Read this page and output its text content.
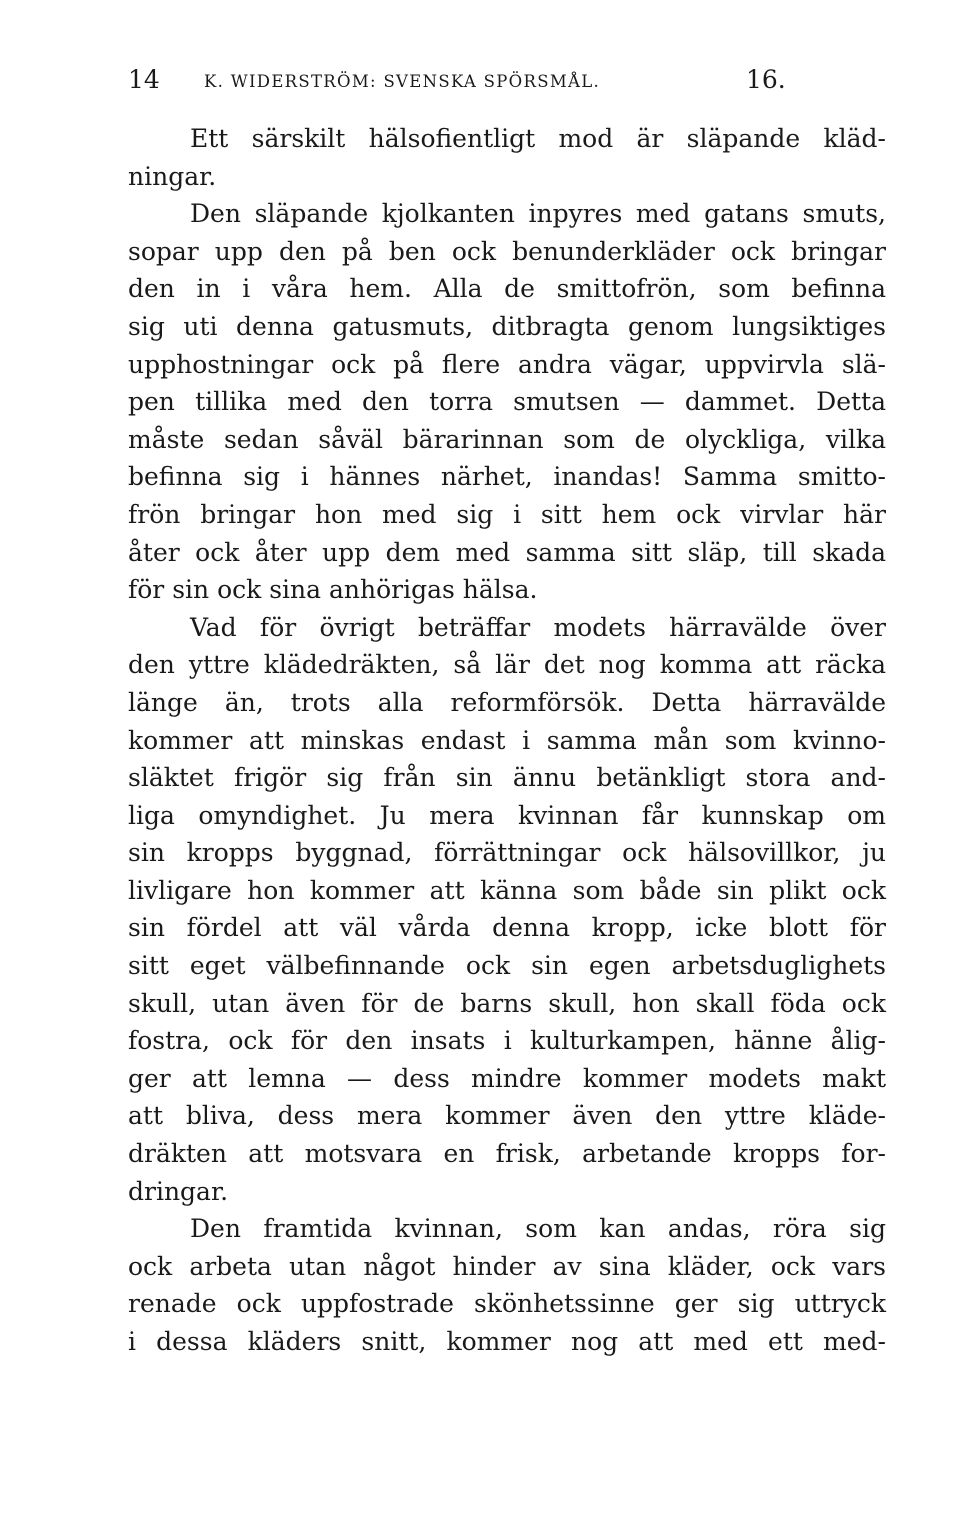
14	K. WIDERSTRÖM: SVENSKA SPÖRSMÅL.	16.
Ett särskilt hälsofientligt mod är släpande kläd-
ningar.
Den släpande kjolkanten inpyres med gatans smuts,
sopar upp den på ben ock benunderkläder ock bringar
den in i våra hem. Alla de smittofrön, som befinna
sig uti denna gatusmuts, ditbragta genom lungsiktiges
upphostningar ock på flere andra vägar, uppvirvla slä-
pen tillika med den torra smutsen — dammet. Detta
måste sedan såväl bärarinnan som de olyckliga, vilka
befinna sig i hännes närhet, inandas! Samma smitto-
frön bringar hon med sig i sitt hem ock virvlar här
åter ock åter upp dem med samma sitt släp, till skada
för sin ock sina anhörigas hälsa.
Vad för övrigt beträffar modets härravälde över
den yttre klädedräkten, så lär det nog komma att räcka
länge än, trots alla reformförsök. Detta härravälde
kommer att minskas endast i samma mån som kvinno-
släktet frigör sig från sin ännu betänkligt stora and-
liga omyndighet. Ju mera kvinnan får kunnskap om
sin kropps byggnad, förrättningar ock hälsovillkor, ju
livligare hon kommer att känna som både sin plikt ock
sin fördel att väl vårda denna kropp, icke blott för
sitt eget välbefinnande ock sin egen arbetsduglighets
skull, utan även för de barns skull, hon skall föda ock
fostra, ock för den insats i kulturkampen, hänne ålig-
ger att lemna — dess mindre kommer modets makt
att bliva, dess mera kommer även den yttre kläde-
dräkten att motsvara en frisk, arbetande kropps for-
dringar.
Den framtida kvinnan, som kan andas, röra sig
ock arbeta utan något hinder av sina kläder, ock vars
renade ock uppfostrade skönhetssinne ger sig uttryck
i dessa kläders snitt, kommer nog att med ett med-
